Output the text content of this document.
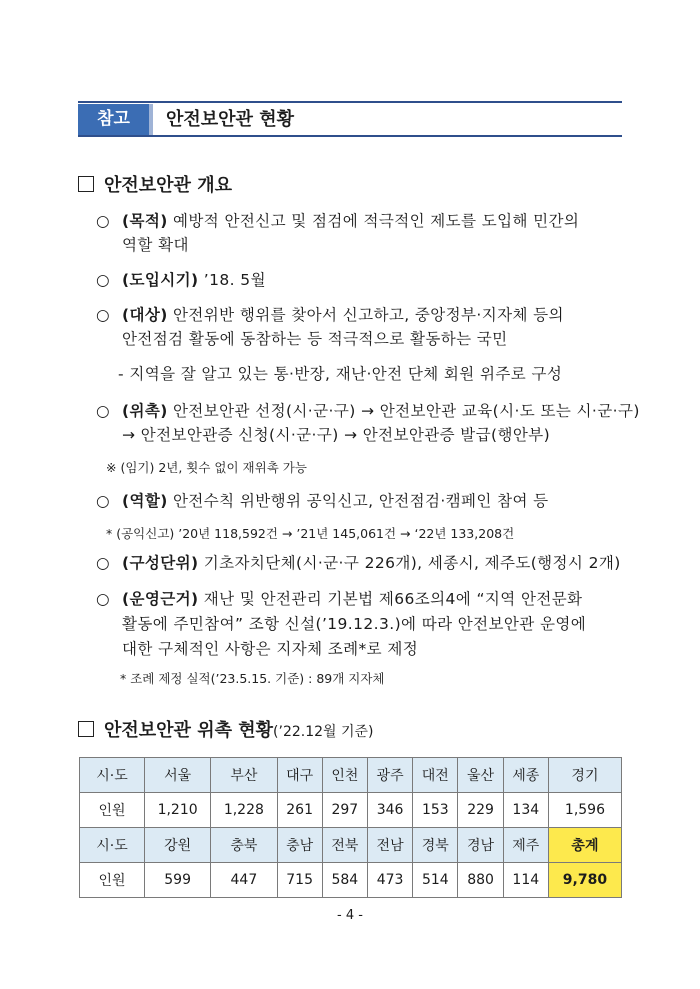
참고	안전보안관 현황
안전보안관 개요
○ (목적) 예방적 안전신고 및 점검에 적극적인 제도를 도입해 민간의
역할 확대
○ (도입시기) ’18. 5월
○ (대상) 안전위반 행위를 찾아서 신고하고, 중앙정부·지자체 등의
안전점검 활동에 동참하는 등 적극적으로 활동하는 국민
- 지역을 잘 알고 있는 통·반장, 재난·안전 단체 회원 위주로 구성
○ (위촉) 안전보안관 선정(시·군·구) → 안전보안관 교육(시·도 또는 시·군·구)
→ 안전보안관증 신청(시·군·구) → 안전보안관증 발급(행안부)
※ (임기) 2년, 횟수 없이 재위촉 가능
○ (역할) 안전수칙 위반행위 공익신고, 안전점검·캠페인 참여 등
* (공익신고) ’20년 118,592건 → ’21년 145,061건 → ‘22년 133,208건
○ (구성단위) 기초자치단체(시·군·구 226개), 세종시, 제주도(행정시 2개)
○ (운영근거) 재난 및 안전관리 기본법 제66조의4에 “지역 안전문화
활동에 주민참여” 조항 신설(’19.12.3.)에 따라 안전보안관 운영에
대한 구체적인 사항은 지자체 조례*로 제정
* 조례 제정 실적(’23.5.15. 기준) : 89개 지자체
안전보안관 위촉 현황(’22.12월 기준)
시·도	서울	부산	대구	인천	광주	대전	울산	세종	경기
인원	1,210	1,228	261	297	346	153	229	134	1,596
시·도	강원	충북	충남	전북	전남	경북	경남	제주	총계
인원	599	447	715	584	473	514	880	114	9,780
- 4 -
